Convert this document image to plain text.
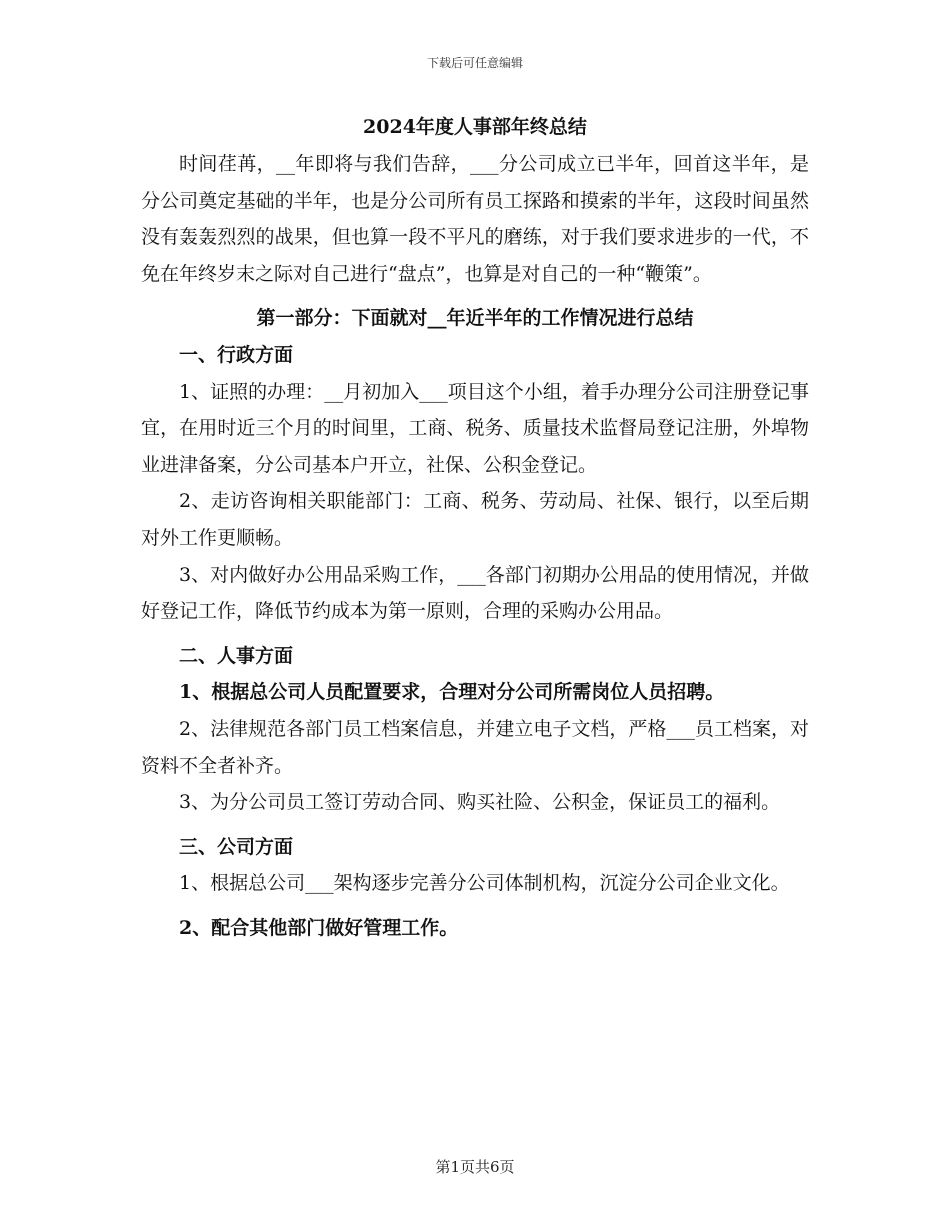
下载后可任意编辑
2024年度人事部年终总结

时间荏苒，__年即将与我们告辞，___分公司成立已半年，回首这半年，是分公司奠定基础的半年，也是分公司所有员工探路和摸索的半年，这段时间虽然没有轰轰烈烈的战果，但也算一段不平凡的磨练，对于我们要求进步的一代，不免在年终岁末之际对自己进行“盘点”，也算是对自己的一种“鞭策”。

第一部分：下面就对__年近半年的工作情况进行总结

一、行政方面

1、证照的办理：__月初加入___项目这个小组，着手办理分公司注册登记事宜，在用时近三个月的时间里，工商、税务、质量技术监督局登记注册，外埠物业进津备案，分公司基本户开立，社保、公积金登记。

2、走访咨询相关职能部门：工商、税务、劳动局、社保、银行，以至后期对外工作更顺畅。

3、对内做好办公用品采购工作，___各部门初期办公用品的使用情况，并做好登记工作，降低节约成本为第一原则，合理的采购办公用品。

二、人事方面

1、根据总公司人员配置要求，合理对分公司所需岗位人员招聘。

2、法律规范各部门员工档案信息，并建立电子文档，严格___员工档案，对资料不全者补齐。

3、为分公司员工签订劳动合同、购买社险、公积金，保证员工的福利。

三、公司方面

1、根据总公司___架构逐步完善分公司体制机构，沉淀分公司企业文化。

2、配合其他部门做好管理工作。

第1页共6页
